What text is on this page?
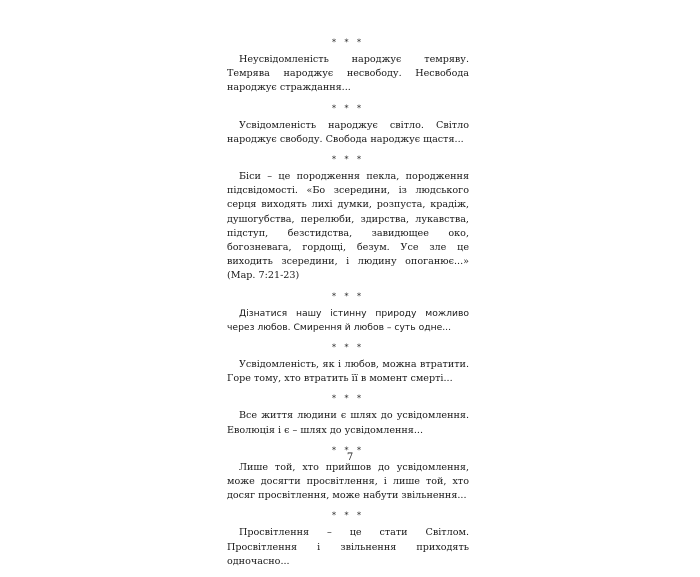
* * *

Неусвідомленість народжує темряву. Темрява народжує несвободу. Несвобода народжує страждання...

* * *

Усвідомленість народжує світло. Світло народжує свободу. Свобода народжує щастя...

* * *

Біси – це породження пекла, породження підсвідомості. «Бо зсередини, із людського серця виходять лихі думки, розпуста, крадіж, душогубства, перелюби, здирства, лукавства, підступ, безстидства, завидющее око, богозневага, гордощі, безум. Усе зле це виходить зсередини, і людину опоганює...» (Мар. 7:21-23)

* * *

Дізнатися нашу істинну природу можливо через любов. Смирення й любов – суть одне...

* * *

Усвідомленість, як і любов, можна втратити. Горе тому, хто втратить її в момент смерті...

* * *

Все життя людини є шлях до усвідомлення. Еволюція і є – шлях до усвідомлення...

* * *

Лише той, хто прийшов до усвідомлення, може досягти просвітлення, і лише той, хто досяг просвітлення, може набути звільнення...

* * *

Просвітлення – це стати Світлом. Просвітлення і звільнення приходять одночасно...

7
